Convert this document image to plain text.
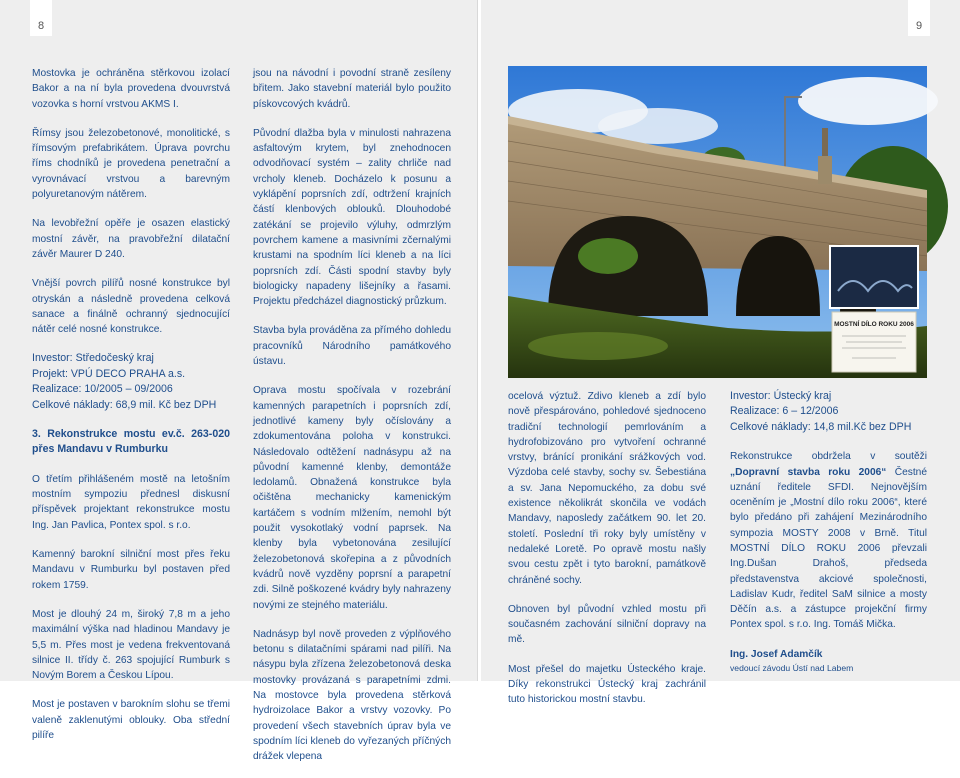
8	9

Mostovka je ochráněna stěrkovou izolací Bakor a na ní byla provedena dvouvrstvá vozovka s horní vrstvou AKMS I.

Římsy jsou železobetonové, monolitické, s římsovým prefabrikátem. Úprava povrchu říms chodníků je provedena penetrační a vyrovnávací vrstvou a barevným polyuretanovým nátěrem.

Na levobřežní opěře je osazen elastický mostní závěr, na pravobřežní dilatační závěr Maurer D 240.

Vnější povrch pilířů nosné konstrukce byl otryskán a následně provedena celková sanace a finálně ochranný sjednocující nátěr celé nosné konstrukce.

Investor: Středočeský kraj
Projekt: VPÚ DECO PRAHA a.s.
Realizace: 10/2005 – 09/2006
Celkové náklady: 68,9 mil. Kč bez DPH
3. Rekonstrukce mostu ev.č. 263-020 přes Mandavu v Rumburku

O třetím přihlášeném mostě na letošním mostním sympoziu přednesl diskusní příspěvek projektant rekonstrukce mostu Ing. Jan Pavlica, Pontex spol. s r.o.

Kamenný barokní silniční most přes řeku Mandavu v Rumburku byl postaven před rokem 1759.

Most je dlouhý 24 m, široký 7,8 m a jeho maximální výška nad hladinou Mandavy je 5,5 m. Přes most je vedena frekventovaná silnice II. třídy č. 263 spojující Rumburk s Novým Borem a Českou Lípou.

Most je postaven v barokním slohu se třemi valeně zaklenutými oblouky. Oba střední pilíře

jsou na návodní i povodní straně zesíleny břitem. Jako stavební materiál bylo použito pískovcových kvádrů.

Původní dlažba byla v minulosti nahrazena asfaltovým krytem, byl znehodnocen odvodňovací systém – zality chrliče nad vrcholy kleneb. Docházelo k posunu a vyklápění poprsních zdí, odtržení krajních částí klenbových oblouků. Dlouhodobé zatékání se projevilo výluhy, odmrzlým povrchem kamene a masivními zčernalými krustami na spodním líci kleneb a na líci poprsních zdí. Části spodní stavby byly biologicky napadeny lišejníky a řasami. Projektu předcházel diagnostický průzkum.

Stavba byla prováděna za přímého dohledu pracovníků Národního památkového ústavu.

Oprava mostu spočívala v rozebrání kamenných parapetních i poprsních zdí, jednotlivé kameny byly očíslovány a zdokumentována poloha v konstrukci. Následovalo odtěžení nadnásypu až na původní kamenné klenby, demontáže ledolamů. Obnažená konstrukce byla očištěna mechanicky kamenickým kartáčem s vodním mlžením, nemohl být použit vysokotlaký vodní paprsek. Na klenby byla vybetonována zesilující železobetonová skořepina a z původních kvádrů nově vyzděny poprsní a parapetní zdi. Silně poškozené kvádry byly nahrazeny novými ze stejného materiálu.

Nadnásyp byl nově proveden z výplňového betonu s dilatačními spárami nad pilíři. Na násypu byla zřízena železobetonová deska mostovky provázaná s parapetními zdmi. Na mostovce byla provedena stěrková hydroizolace Bakor a vrstvy vozovky. Po provedení všech stavebních úprav byla ve spodním líci kleneb do vyřezaných příčných drážek vlepena

MOSTNÍ DÍLO ROKU 2006

ocelová výztuž. Zdivo kleneb a zdí bylo nově přespárováno, pohledové sjednoceno tradiční technologií pemrlováním a hydrofobizováno pro vytvoření ochranné vrstvy, bránící pronikání srážkových vod. Výzdoba celé stavby, sochy sv. Šebestiána a sv. Jana Nepomuckého, za dobu své existence několikrát skončila ve vodách Mandavy, naposledy začátkem 90. let 20. století. Poslední tři roky byly umístěny v nedaleké Loretě. Po opravě mostu našly svou cestu zpět i tyto barokní, památkově chráněné sochy.

Obnoven byl původní vzhled mostu při současném zachování silniční dopravy na mě.

Most přešel do majetku Ústeckého kraje. Díky rekonstrukci Ústecký kraj zachránil tuto historickou mostní stavbu.

Investor: Ústecký kraj
Realizace: 6 – 12/2006
Celkové náklady: 14,8 mil.Kč bez DPH

Rekonstrukce obdržela v soutěži „Dopravní stavba roku 2006“ Čestné uznání ředitele SFDI. Nejnovějším oceněním je „Mostní dílo roku 2006“, které bylo předáno při zahájení Mezinárodního sympozia MOSTY 2008 v Brně. Titul MOSTNÍ DÍLO ROKU 2006 převzali Ing.Dušan Drahoš, předseda představenstva akciové společnosti, Ladislav Kudr, ředitel SaM silnice a mosty Děčín a.s. a zástupce projekční firmy Pontex spol. s r.o. Ing. Tomáš Mička.

Ing. Josef Adamčík
vedoucí závodu Ústí nad Labem
